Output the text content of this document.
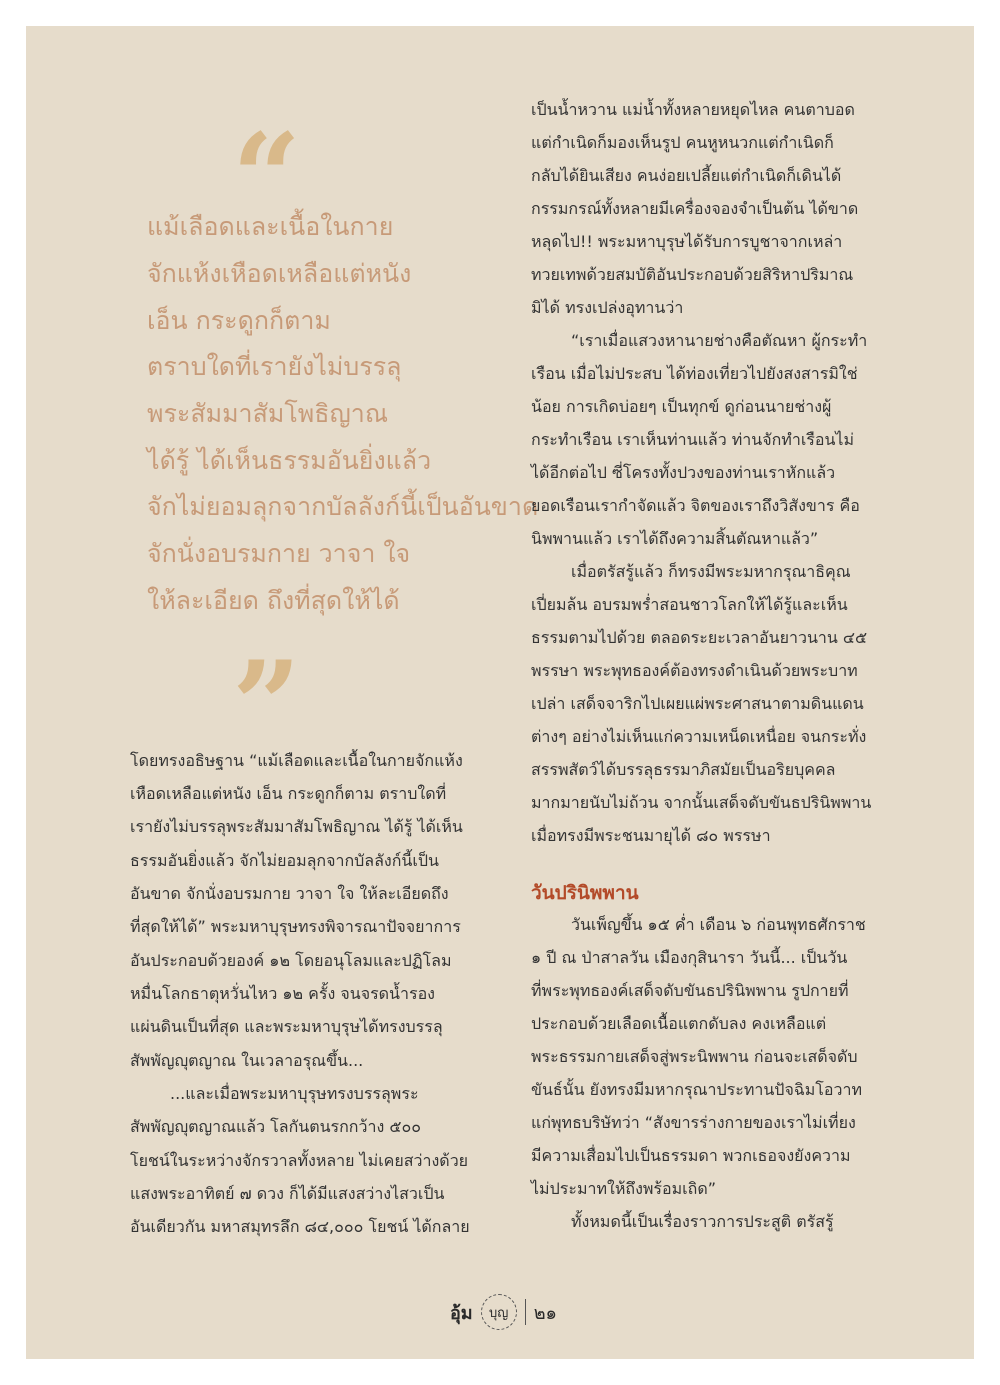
“
แม้เลือดและเนื้อในกาย
จักแห้งเหือดเหลือแต่หนัง
เอ็น กระดูกก็ตาม
ตราบใดที่เรายังไม่บรรลุ
พระสัมมาสัมโพธิญาณ
ได้รู้ ได้เห็นธรรมอันยิ่งแล้ว
จักไม่ยอมลุกจากบัลลังก์นี้เป็นอันขาด
จักนั่งอบรมกาย วาจา ใจ
ให้ละเอียด ถึงที่สุดให้ได้
”
โดยทรงอธิษฐาน “แม้เลือดและเนื้อในกายจักแห้ง
เหือดเหลือแต่หนัง เอ็น กระดูกก็ตาม ตราบใดที่
เรายังไม่บรรลุพระสัมมาสัมโพธิญาณ ได้รู้ ได้เห็น
ธรรมอันยิ่งแล้ว จักไม่ยอมลุกจากบัลลังก์นี้เป็น
อันขาด จักนั่งอบรมกาย วาจา ใจ ให้ละเอียดถึง
ที่สุดให้ได้” พระมหาบุรุษทรงพิจารณาปัจจยาการ
อันประกอบด้วยองค์ ๑๒ โดยอนุโลมและปฏิโลม
หมื่นโลกธาตุหวั่นไหว ๑๒ ครั้ง จนจรดน้ำรอง
แผ่นดินเป็นที่สุด และพระมหาบุรุษได้ทรงบรรลุ
สัพพัญญุตญาณ ในเวลาอรุณขึ้น...
...และเมื่อพระมหาบุรุษทรงบรรลุพระ
สัพพัญญุตญาณแล้ว โลกันตนรกกว้าง ๕๐๐
โยชน์ในระหว่างจักรวาลทั้งหลาย ไม่เคยสว่างด้วย
แสงพระอาทิตย์ ๗ ดวง ก็ได้มีแสงสว่างไสวเป็น
อันเดียวกัน มหาสมุทรลึก ๘๔,๐๐๐ โยชน์ ได้กลาย
เป็นน้ำหวาน แม่น้ำทั้งหลายหยุดไหล คนตาบอด
แต่กำเนิดก็มองเห็นรูป คนหูหนวกแต่กำเนิดก็
กลับได้ยินเสียง คนง่อยเปลี้ยแต่กำเนิดก็เดินได้
กรรมกรณ์ทั้งหลายมีเครื่องจองจำเป็นต้น ได้ขาด
หลุดไป!! พระมหาบุรุษได้รับการบูชาจากเหล่า
ทวยเทพด้วยสมบัติอันประกอบด้วยสิริหาปริมาณ
มิได้ ทรงเปล่งอุทานว่า
“เราเมื่อแสวงหานายช่างคือตัณหา ผู้กระทำ
เรือน เมื่อไม่ประสบ ได้ท่องเที่ยวไปยังสงสารมิใช่
น้อย การเกิดบ่อยๆ เป็นทุกข์ ดูก่อนนายช่างผู้
กระทำเรือน เราเห็นท่านแล้ว ท่านจักทำเรือนไม่
ได้อีกต่อไป ซี่โครงทั้งปวงของท่านเราหักแล้ว
ยอดเรือนเรากำจัดแล้ว จิตของเราถึงวิสังขาร คือ
นิพพานแล้ว เราได้ถึงความสิ้นตัณหาแล้ว”
เมื่อตรัสรู้แล้ว ก็ทรงมีพระมหากรุณาธิคุณ
เปี่ยมล้น อบรมพร่ำสอนชาวโลกให้ได้รู้และเห็น
ธรรมตามไปด้วย ตลอดระยะเวลาอันยาวนาน ๔๕
พรรษา พระพุทธองค์ต้องทรงดำเนินด้วยพระบาท
เปล่า เสด็จจาริกไปเผยแผ่พระศาสนาตามดินแดน
ต่างๆ อย่างไม่เห็นแก่ความเหน็ดเหนื่อย จนกระทั่ง
สรรพสัตว์ได้บรรลุธรรมาภิสมัยเป็นอริยบุคคล
มากมายนับไม่ถ้วน จากนั้นเสด็จดับขันธปรินิพพาน
เมื่อทรงมีพระชนมายุได้ ๘๐ พรรษา
วันปรินิพพาน
วันเพ็ญขึ้น ๑๕ ค่ำ เดือน ๖ ก่อนพุทธศักราช
๑ ปี ณ ป่าสาลวัน เมืองกุสินารา วันนี้... เป็นวัน
ที่พระพุทธองค์เสด็จดับขันธปรินิพพาน รูปกายที่
ประกอบด้วยเลือดเนื้อแตกดับลง คงเหลือแต่
พระธรรมกายเสด็จสู่พระนิพพาน ก่อนจะเสด็จดับ
ขันธ์นั้น ยังทรงมีมหากรุณาประทานปัจฉิมโอวาท
แก่พุทธบริษัทว่า “สังขารร่างกายของเราไม่เที่ยง
มีความเสื่อมไปเป็นธรรมดา พวกเธอจงยังความ
ไม่ประมาทให้ถึงพร้อมเถิด”
ทั้งหมดนี้เป็นเรื่องราวการประสูติ ตรัสรู้
อุ้ม	บุญ	๒๑
